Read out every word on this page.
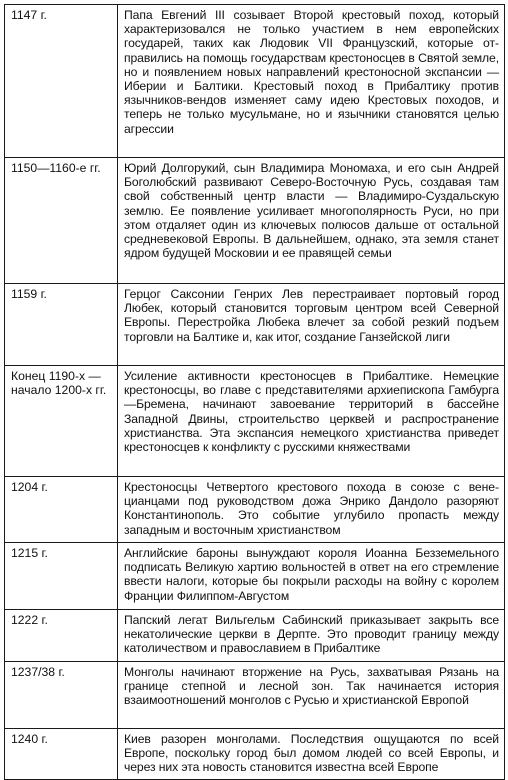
1147 г.	Папа Евгений III созывает Второй крестовый поход, который характеризовался не только участием в нем европейских государей, таких как Людовик VII Французский, которые отправились на помощь государствам крестоносцев в Святой земле, но и появлением новых направлений крестоносной экспансии — Иберии и Балтики. Крестовый поход в Прибалтику против язычников-вендов изменяет саму идею Крестовых походов, и теперь не только мусульмане, но и язычники становятся целью агрессии
1150—1160-е гг.	Юрий Долгорукий, сын Владимира Мономаха, и его сын Андрей Боголюбский развивают Северо-Восточную Русь, создавая там свой собственный центр власти — Владимиро-Суздальскую землю. Ее появление усиливает многополярность Руси, но при этом отдаляет один из ключевых полюсов дальше от остальной средневековой Европы. В дальнейшем, однако, эта земля станет ядром будущей Московии и ее правящей семьи
1159 г.	Герцог Саксонии Генрих Лев перестраивает портовый город Любек, который становится торговым центром всей Северной Европы. Перестройка Любека влечет за собой резкий подъем торговли на Балтике и, как итог, создание Ганзейской лиги
Конец 1190-х — начало 1200-х гг.	Усиление активности крестоносцев в Прибалтике. Немецкие крестоносцы, во главе с представителями архиепископа Гамбурга—Бремена, начинают завоевание территорий в бассейне Западной Двины, строительство церквей и распространение христианства. Эта экспансия немецкого христианства приведет крестоносцев к конфликту с русскими княжествами
1204 г.	Крестоносцы Четвертого крестового похода в союзе с венецианцами под руководством дожа Энрико Дандоло разоряют Константинополь. Это событие углубило пропасть между западным и восточным христианством
1215 г.	Английские бароны вынуждают короля Иоанна Безземельного подписать Великую хартию вольностей в ответ на его стремление ввести налоги, которые бы покрыли расходы на войну с королем Франции Филиппом-Августом
1222 г.	Папский легат Вильгельм Сабинский приказывает закрыть все некатолические церкви в Дерпте. Это проводит границу между католичеством и православием в Прибалтике
1237/38 г.	Монголы начинают вторжение на Русь, захватывая Рязань на границе степной и лесной зон. Так начинается история взаимоотношений монголов с Русью и христианской Европой
1240 г.	Киев разорен монголами. Последствия ощущаются по всей Европе, поскольку город был домом людей со всей Европы, и через них эта новость становится известна всей Европе
